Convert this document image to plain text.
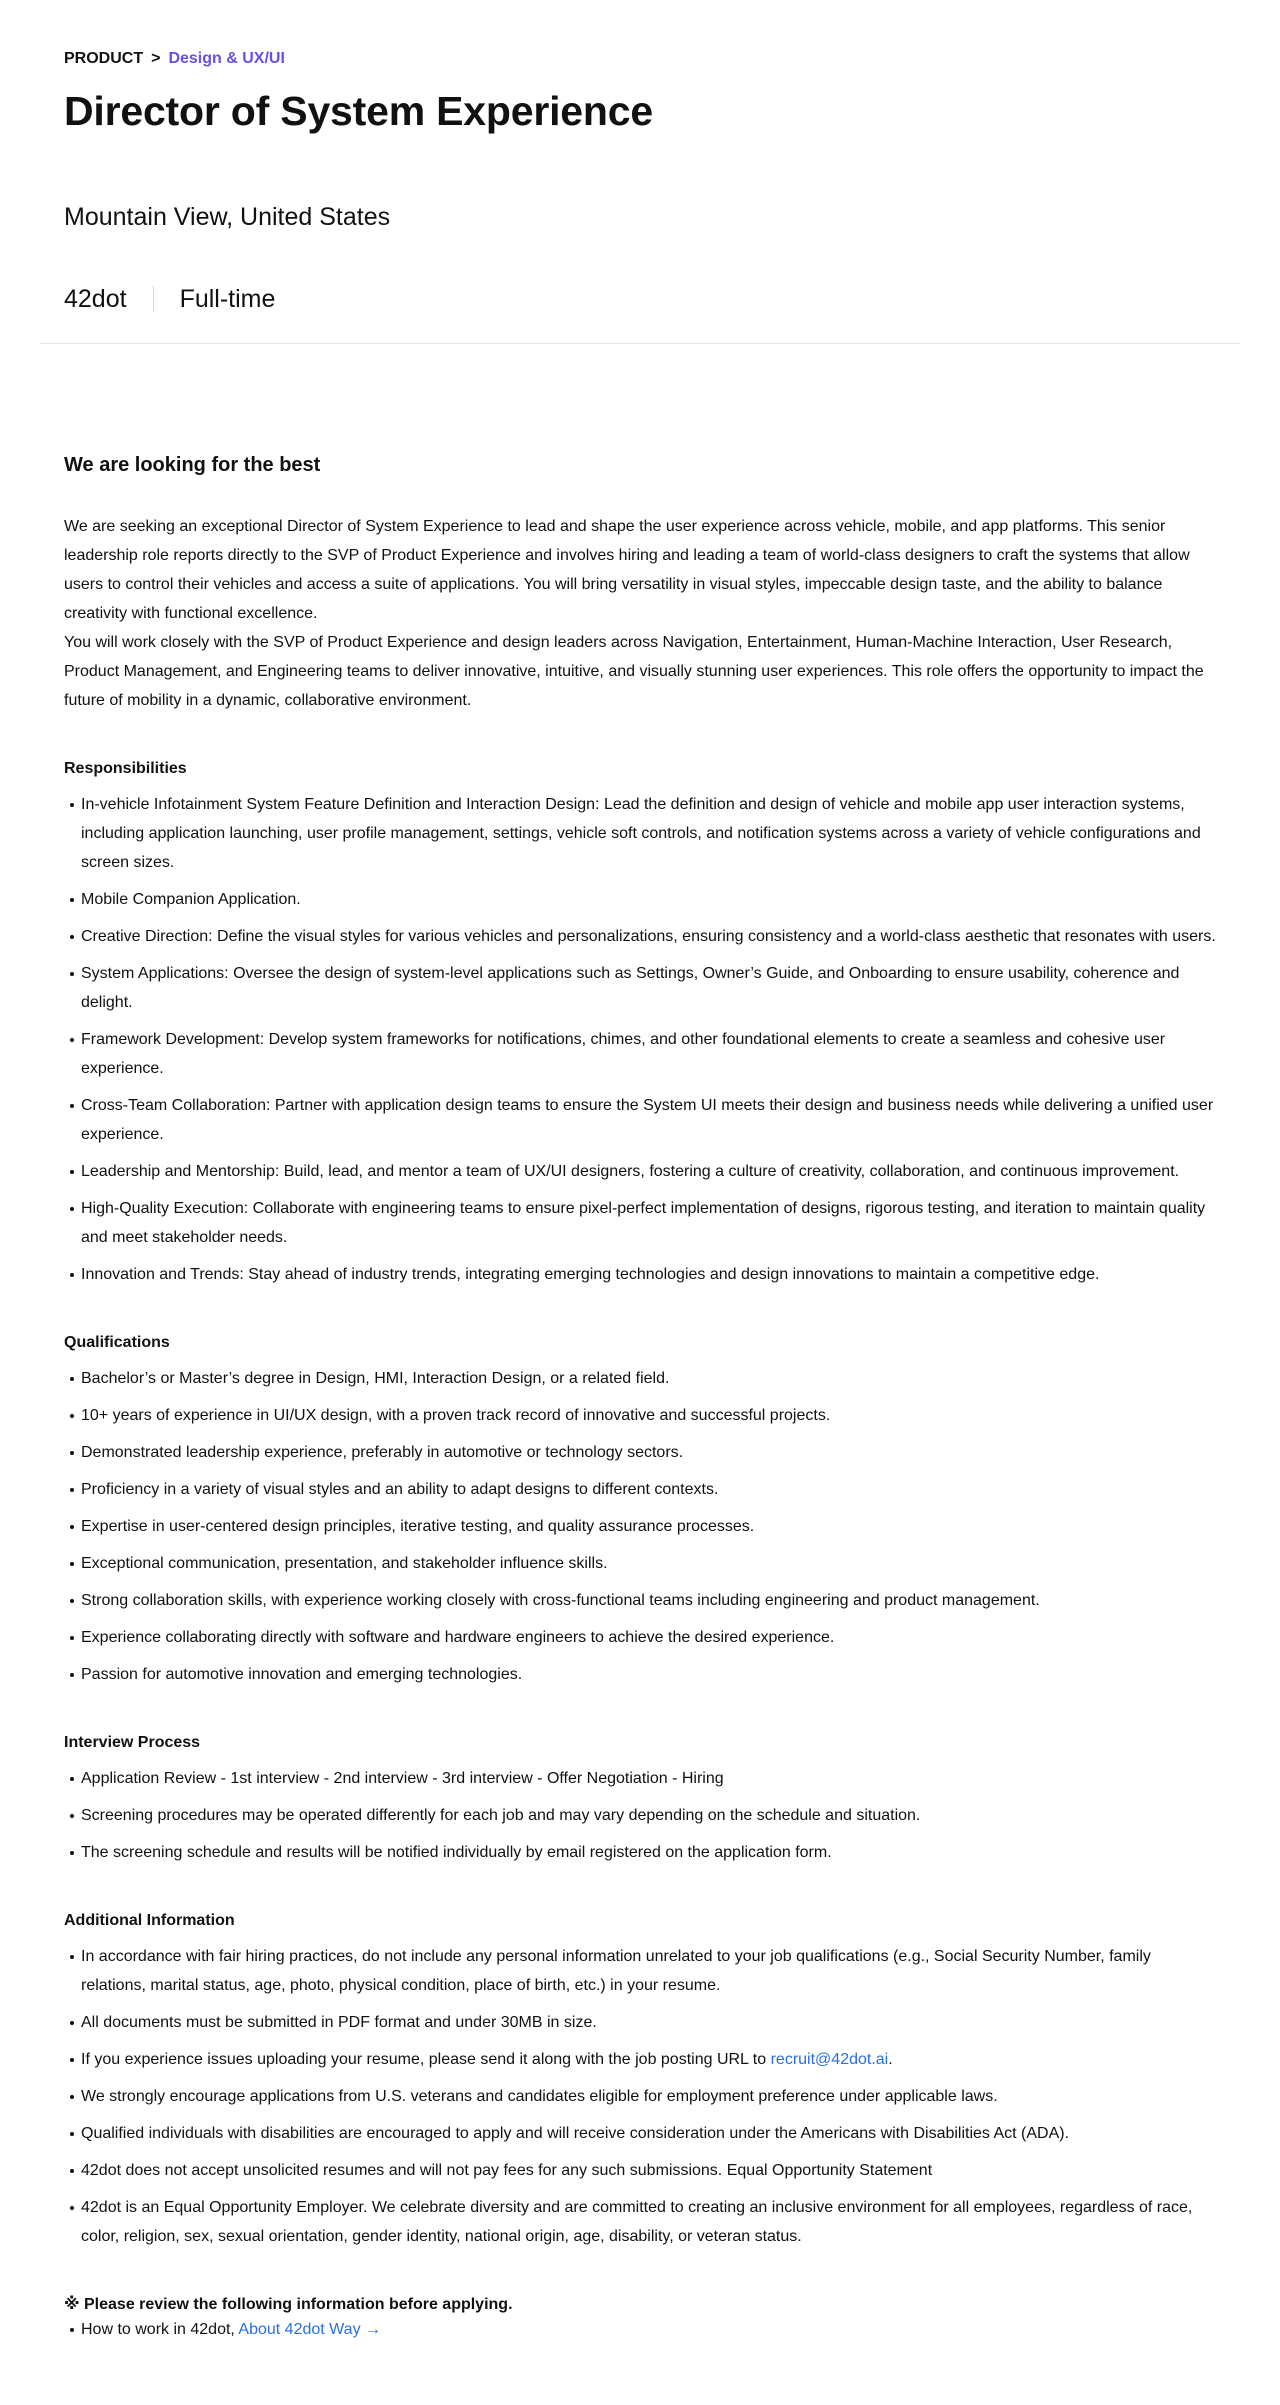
PRODUCT > Design & UX/UI
Director of System Experience
Mountain View, United States
42dot Full-time
We are looking for the best

We are seeking an exceptional Director of System Experience to lead and shape the user experience across vehicle, mobile, and app platforms. This senior leadership role reports directly to the SVP of Product Experience and involves hiring and leading a team of world-class designers to craft the systems that allow users to control their vehicles and access a suite of applications. You will bring versatility in visual styles, impeccable design taste, and the ability to balance creativity with functional excellence.

You will work closely with the SVP of Product Experience and design leaders across Navigation, Entertainment, Human-Machine Interaction, User Research, Product Management, and Engineering teams to deliver innovative, intuitive, and visually stunning user experiences. This role offers the opportunity to impact the future of mobility in a dynamic, collaborative environment.

Responsibilities
In-vehicle Infotainment System Feature Definition and Interaction Design: Lead the definition and design of vehicle and mobile app user interaction systems, including application launching, user profile management, settings, vehicle soft controls, and notification systems across a variety of vehicle configurations and screen sizes.
Mobile Companion Application.
Creative Direction: Define the visual styles for various vehicles and personalizations, ensuring consistency and a world-class aesthetic that resonates with users.
System Applications: Oversee the design of system-level applications such as Settings, Owner’s Guide, and Onboarding to ensure usability, coherence and delight.
Framework Development: Develop system frameworks for notifications, chimes, and other foundational elements to create a seamless and cohesive user experience.
Cross-Team Collaboration: Partner with application design teams to ensure the System UI meets their design and business needs while delivering a unified user experience.
Leadership and Mentorship: Build, lead, and mentor a team of UX/UI designers, fostering a culture of creativity, collaboration, and continuous improvement.
High-Quality Execution: Collaborate with engineering teams to ensure pixel-perfect implementation of designs, rigorous testing, and iteration to maintain quality and meet stakeholder needs.
Innovation and Trends: Stay ahead of industry trends, integrating emerging technologies and design innovations to maintain a competitive edge.
Qualifications
Bachelor’s or Master’s degree in Design, HMI, Interaction Design, or a related field.
10+ years of experience in UI/UX design, with a proven track record of innovative and successful projects.
Demonstrated leadership experience, preferably in automotive or technology sectors.
Proficiency in a variety of visual styles and an ability to adapt designs to different contexts.
Expertise in user-centered design principles, iterative testing, and quality assurance processes.
Exceptional communication, presentation, and stakeholder influence skills.
Strong collaboration skills, with experience working closely with cross-functional teams including engineering and product management.
Experience collaborating directly with software and hardware engineers to achieve the desired experience.
Passion for automotive innovation and emerging technologies.
Interview Process
Application Review - 1st interview - 2nd interview - 3rd interview - Offer Negotiation - Hiring
Screening procedures may be operated differently for each job and may vary depending on the schedule and situation.
The screening schedule and results will be notified individually by email registered on the application form.
Additional Information
In accordance with fair hiring practices, do not include any personal information unrelated to your job qualifications (e.g., Social Security Number, family relations, marital status, age, photo, physical condition, place of birth, etc.) in your resume.
All documents must be submitted in PDF format and under 30MB in size.
If you experience issues uploading your resume, please send it along with the job posting URL to recruit@42dot.ai.
We strongly encourage applications from U.S. veterans and candidates eligible for employment preference under applicable laws.
Qualified individuals with disabilities are encouraged to apply and will receive consideration under the Americans with Disabilities Act (ADA).
42dot does not accept unsolicited resumes and will not pay fees for any such submissions. Equal Opportunity Statement
42dot is an Equal Opportunity Employer. We celebrate diversity and are committed to creating an inclusive environment for all employees, regardless of race, color, religion, sex, sexual orientation, gender identity, national origin, age, disability, or veteran status.
※ Please review the following information before applying.
How to work in 42dot, About 42dot Way →
